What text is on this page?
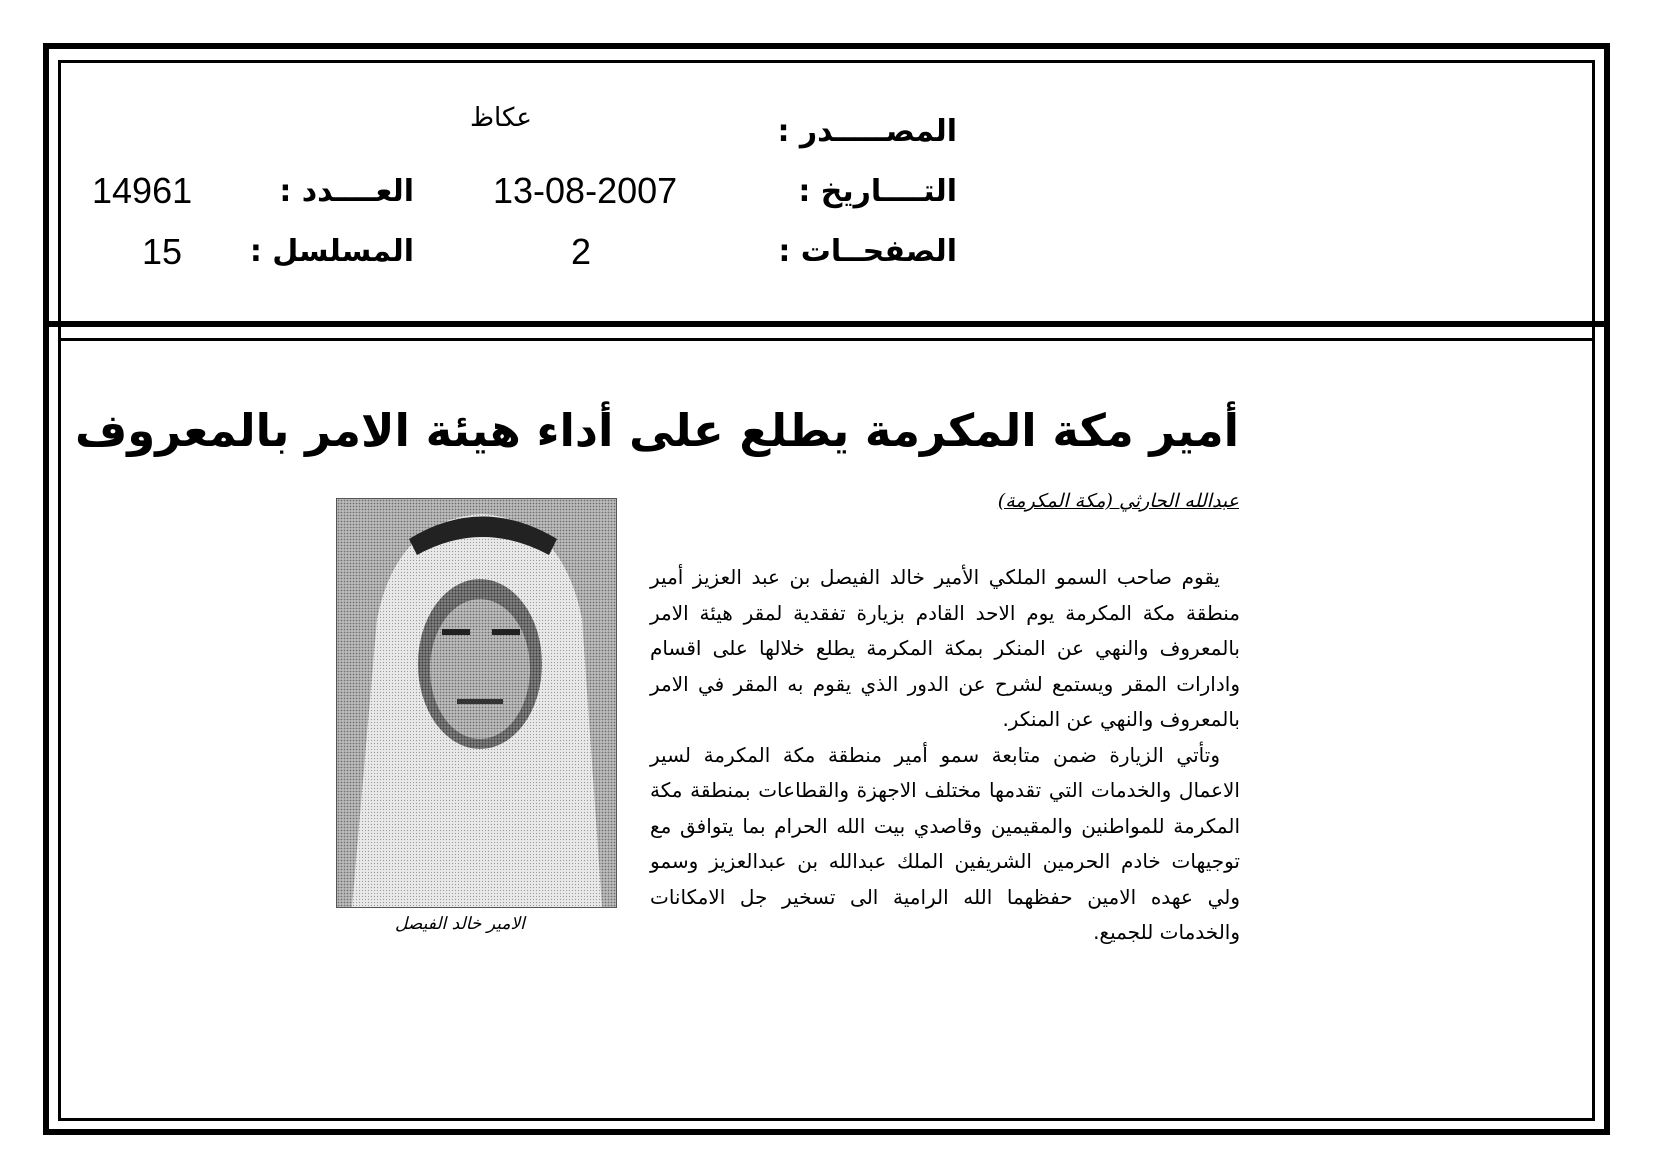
المصـــــدر :
عكاظ
التــــاريخ :
13-08-2007
العــــدد :
14961
الصفحــات :
2
المسلسل :
15
أمير مكة المكرمة يطلع على أداء هيئة الامر بالمعروف
عبدالله الحارثي (مكة المكرمة)
الامير خالد الفيصل

يقوم صاحب السمو الملكي الأمير خالد الفيصل بن عبد العزيز أمير منطقة مكة المكرمة يوم الاحد القادم بزيارة تفقدية لمقر هيئة الامر بالمعروف والنهي عن المنكر بمكة المكرمة يطلع خلالها على اقسام وادارات المقر ويستمع لشرح عن الدور الذي يقوم به المقر في الامر بالمعروف والنهي عن المنكر.

وتأتي الزيارة ضمن متابعة سمو أمير منطقة مكة المكرمة لسير الاعمال والخدمات التي تقدمها مختلف الاجهزة والقطاعات بمنطقة مكة المكرمة للمواطنين والمقيمين وقاصدي بيت الله الحرام بما يتوافق مع توجيهات خادم الحرمين الشريفين الملك عبدالله بن عبدالعزيز وسمو ولي عهده الامين حفظهما الله الرامية الى تسخير جل الامكانات والخدمات للجميع.
